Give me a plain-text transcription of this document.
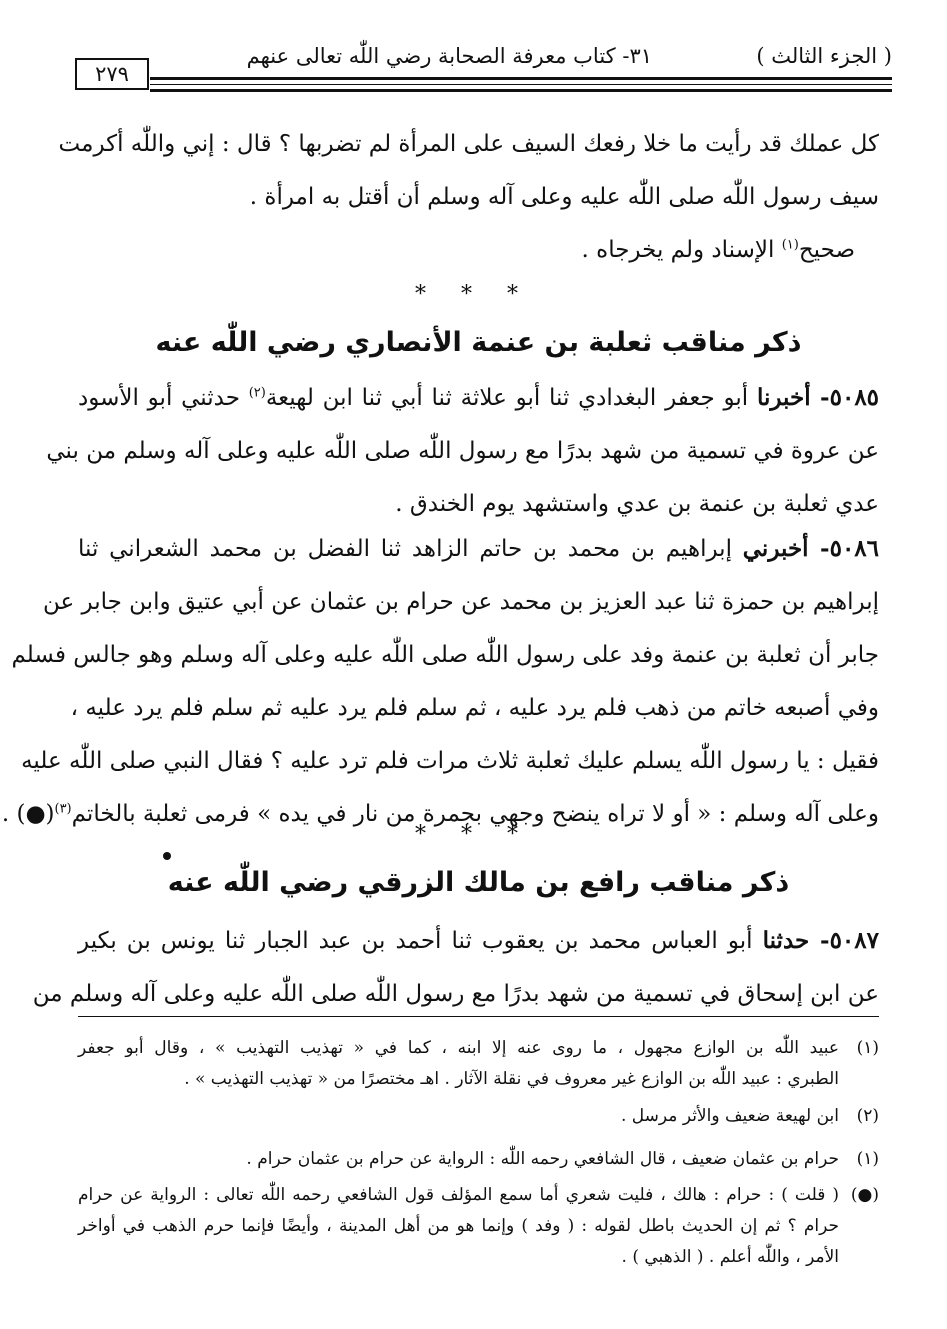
( الجزء الثالث )
٣١- كتاب معرفة الصحابة رضي اللّٰه تعالى عنهم
٢٧٩
كل عملك قد رأيت ما خلا رفعك السيف على المرأة لم تضربها ؟ قال : إني واللّٰه أكرمت
سيف رسول اللّٰه صلى اللّٰه عليه وعلى آله وسلم أن أقتل به امرأة .
صحيح$^{(١)}$ الإسناد ولم يخرجاه .
* * *
ذكر مناقب ثعلبة بن عنمة الأنصاري رضي اللّٰه عنه
٥٠٨٥- أخبرنا أبو جعفر البغدادي ثنا أبو علاثة ثنا أبي ثنا ابن لهيعة$^{(٢)}$ حدثني أبو الأسود
عن عروة في تسمية من شهد بدرًا مع رسول اللّٰه صلى اللّٰه عليه وعلى آله وسلم من بني
عدي ثعلبة بن عنمة بن عدي واستشهد يوم الخندق .
٥٠٨٦- أخبرني إبراهيم بن محمد بن حاتم الزاهد ثنا الفضل بن محمد الشعراني ثنا
إبراهيم بن حمزة ثنا عبد العزيز بن محمد عن حرام بن عثمان عن أبي عتيق وابن جابر عن
جابر أن ثعلبة بن عنمة وفد على رسول اللّٰه صلى اللّٰه عليه وعلى آله وسلم وهو جالس فسلم
وفي أصبعه خاتم من ذهب فلم يرد عليه ، ثم سلم فلم يرد عليه ثم سلم فلم يرد عليه ،
فقيل : يا رسول اللّٰه يسلم عليك ثعلبة ثلاث مرات فلم ترد عليه ؟ فقال النبي صلى اللّٰه عليه
وعلى آله وسلم : « أو لا تراه ينضح وجهي بجمرة من نار في يده » فرمى ثعلبة بالخاتم$^{(٣)}$(●) .
* * *
ذكر مناقب رافع بن مالك الزرقي رضي اللّٰه عنه
٥٠٨٧- حدثنا أبو العباس محمد بن يعقوب ثنا أحمد بن عبد الجبار ثنا يونس بن بكير
عن ابن إسحاق في تسمية من شهد بدرًا مع رسول اللّٰه صلى اللّٰه عليه وعلى آله وسلم من
(١)
عبيد اللّٰه بن الوازع مجهول ، ما روى عنه إلا ابنه ، كما في « تهذيب التهذيب » ، وقال أبو جعفر
الطبري : عبيد اللّٰه بن الوازع غير معروف في نقلة الآثار . اهـ مختصرًا من « تهذيب التهذيب » .
(٢)
ابن لهيعة ضعيف والأثر مرسل .
(١)
حرام بن عثمان ضعيف ، قال الشافعي رحمه اللّٰه : الرواية عن حرام بن عثمان حرام .
(●)
( قلت ) : حرام : هالك ، فليت شعري أما سمع المؤلف قول الشافعي رحمه اللّٰه تعالى : الرواية عن حرام
حرام ؟ ثم إن الحديث باطل لقوله : ( وفد ) وإنما هو من أهل المدينة ، وأيضًا فإنما حرم الذهب في أواخر
الأمر ، واللّٰه أعلم . ( الذهبي ) .
